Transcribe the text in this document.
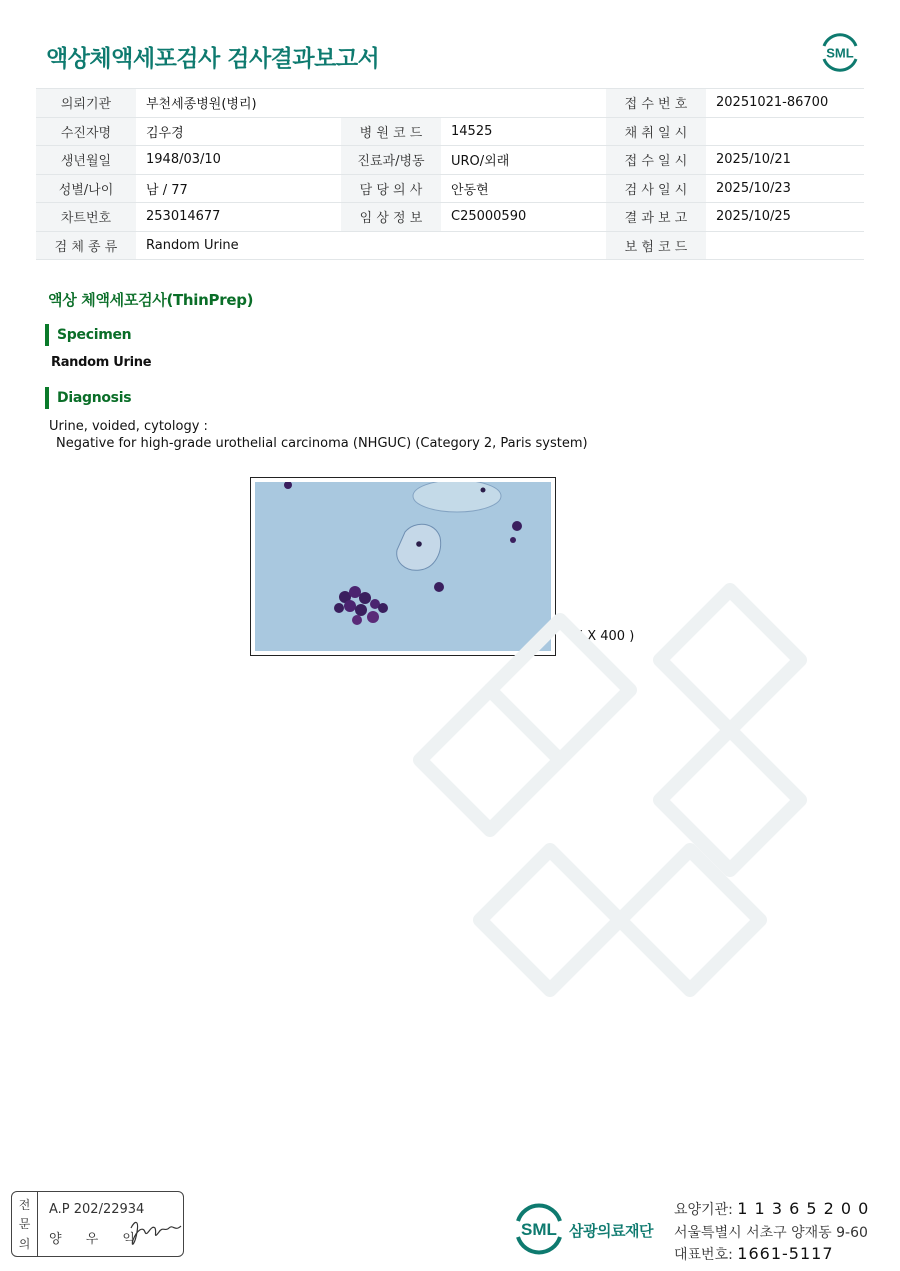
액상체액세포검사 검사결과보고서	SML
의뢰기관	부천세종병원(병리)			접 수 번 호	20251021-86700
수진자명	김우경	병 원 코 드	14525	채 취 일 시	
생년월일	1948/03/10	진료과/병동	URO/외래	접 수 일 시	2025/10/21
성별/나이	남 / 77	담 당 의 사	안동현	검 사 일 시	2025/10/23
차트번호	253014677	임 상 정 보	C25000590	결 과 보 고	2025/10/25
검 체 종 류	Random Urine			보 험 코 드	
액상 체액세포검사(ThinPrep)
Specimen
Random Urine
Diagnosis
Urine, voided, cytology :
Negative for high-grade urothelial carcinoma (NHGUC) (Category 2, Paris system)
( X 400 )
전
문
의
A.P 202/22934
양 우 익
SML 삼광의료재단
요양기관: 1 1 3 6 5 2 0 0
서울특별시 서초구 양재동 9-60
대표번호: 1661-5117
